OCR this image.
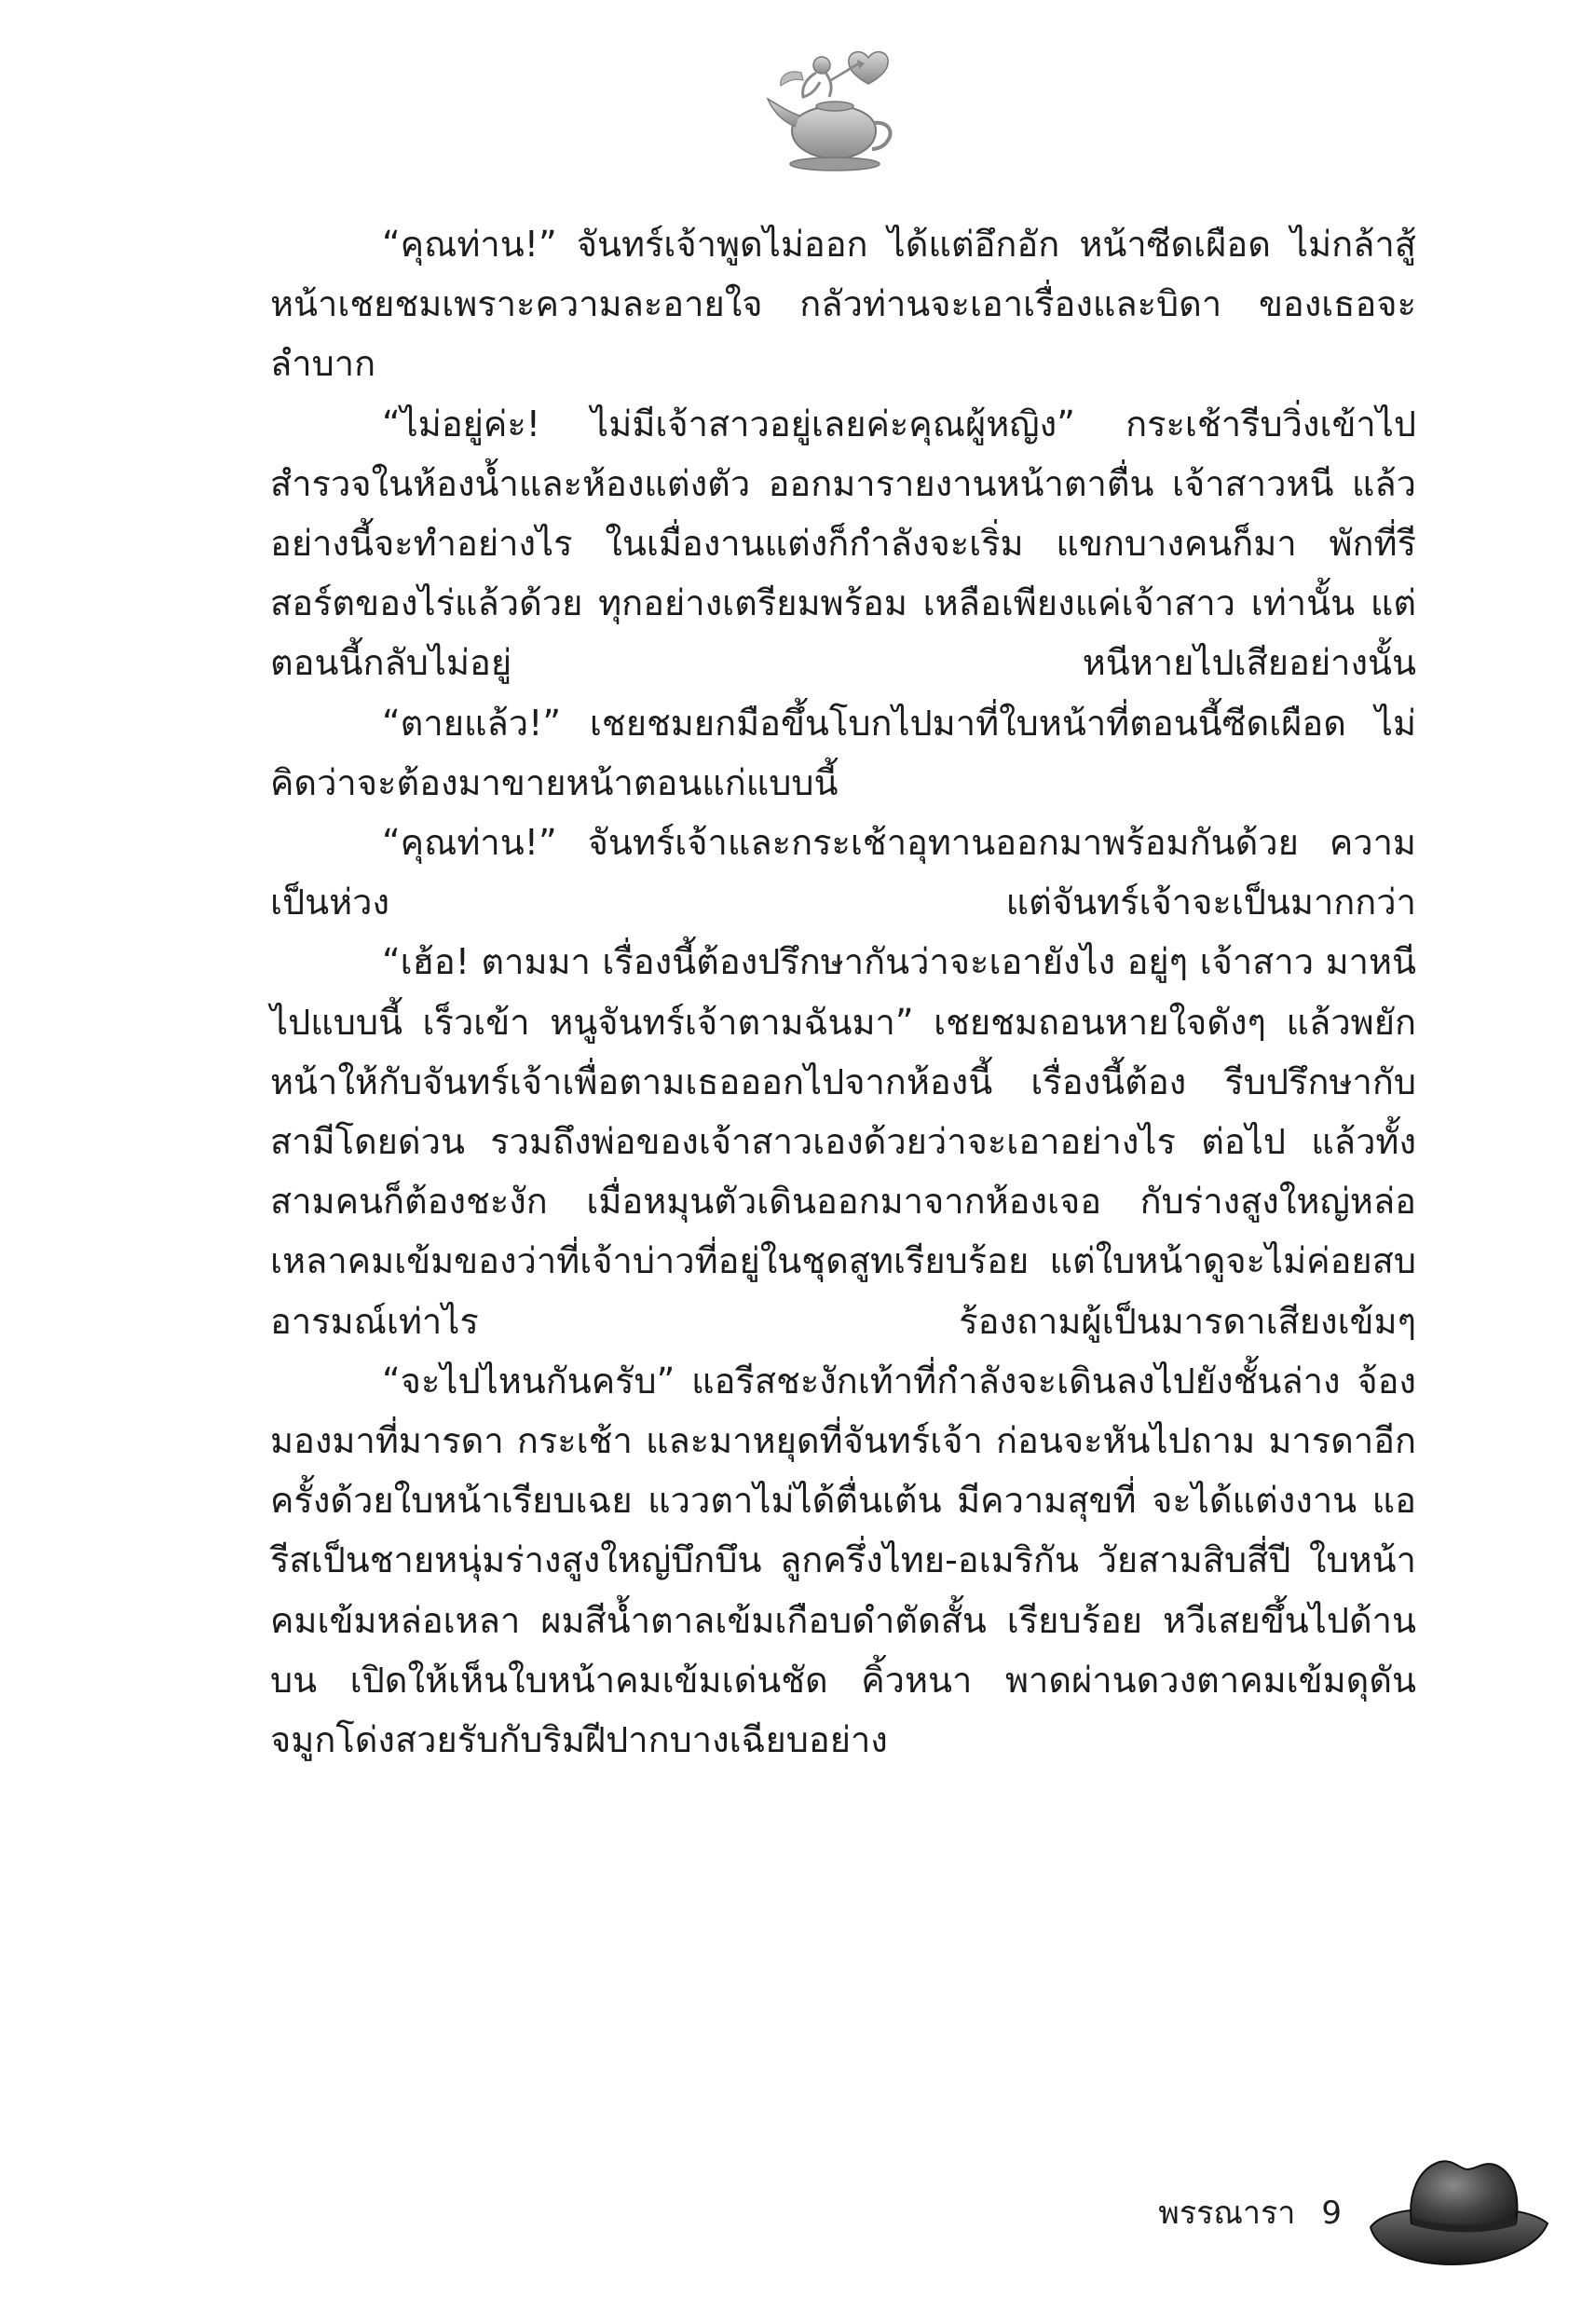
“คุณท่าน!” จันทร์เจ้าพูดไม่ออก ได้แต่อึกอัก หน้าซีดเผือด ไม่กล้าสู้หน้าเชยชมเพราะความละอายใจ กลัวท่านจะเอาเรื่องและบิดา ของเธอจะลำบาก

“ไม่อยู่ค่ะ! ไม่มีเจ้าสาวอยู่เลยค่ะคุณผู้หญิง” กระเช้ารีบวิ่งเข้าไป สำรวจในห้องน้ำและห้องแต่งตัว ออกมารายงานหน้าตาตื่น เจ้าสาวหนี แล้วอย่างนี้จะทำอย่างไร ในเมื่องานแต่งก็กำลังจะเริ่ม แขกบางคนก็มา พักที่รีสอร์ตของไร่แล้วด้วย ทุกอย่างเตรียมพร้อม เหลือเพียงแค่เจ้าสาว เท่านั้น แต่ตอนนี้กลับไม่อยู่ หนีหายไปเสียอย่างนั้น

“ตายแล้ว!” เชยชมยกมือขึ้นโบกไปมาที่ใบหน้าที่ตอนนี้ซีดเผือด ไม่คิดว่าจะต้องมาขายหน้าตอนแก่แบบนี้

“คุณท่าน!” จันทร์เจ้าและกระเช้าอุทานออกมาพร้อมกันด้วย ความเป็นห่วง แต่จันทร์เจ้าจะเป็นมากกว่า

“เฮ้อ! ตามมา เรื่องนี้ต้องปรึกษากันว่าจะเอายังไง อยู่ๆ เจ้าสาว มาหนีไปแบบนี้ เร็วเข้า หนูจันทร์เจ้าตามฉันมา” เชยชมถอนหายใจดังๆ แล้วพยักหน้าให้กับจันทร์เจ้าเพื่อตามเธอออกไปจากห้องนี้ เรื่องนี้ต้อง รีบปรึกษากับสามีโดยด่วน รวมถึงพ่อของเจ้าสาวเองด้วยว่าจะเอาอย่างไร ต่อไป แล้วทั้งสามคนก็ต้องชะงัก เมื่อหมุนตัวเดินออกมาจากห้องเจอ กับร่างสูงใหญ่หล่อเหลาคมเข้มของว่าที่เจ้าบ่าวที่อยู่ในชุดสูทเรียบร้อย แต่ใบหน้าดูจะไม่ค่อยสบอารมณ์เท่าไร ร้องถามผู้เป็นมารดาเสียงเข้มๆ

“จะไปไหนกันครับ” แอรีสชะงักเท้าที่กำลังจะเดินลงไปยังชั้นล่าง จ้องมองมาที่มารดา กระเช้า และมาหยุดที่จันทร์เจ้า ก่อนจะหันไปถาม มารดาอีกครั้งด้วยใบหน้าเรียบเฉย แววตาไม่ได้ตื่นเต้น มีความสุขที่ จะได้แต่งงาน แอรีสเป็นชายหนุ่มร่างสูงใหญ่บึกบึน ลูกครึ่งไทย-อเมริกัน วัยสามสิบสี่ปี ใบหน้าคมเข้มหล่อเหลา ผมสีน้ำตาลเข้มเกือบดำตัดสั้น เรียบร้อย หวีเสยขึ้นไปด้านบน เปิดให้เห็นใบหน้าคมเข้มเด่นชัด คิ้วหนา พาดผ่านดวงตาคมเข้มดุดัน จมูกโด่งสวยรับกับริมฝีปากบางเฉียบอย่าง

พรรณารา 9
